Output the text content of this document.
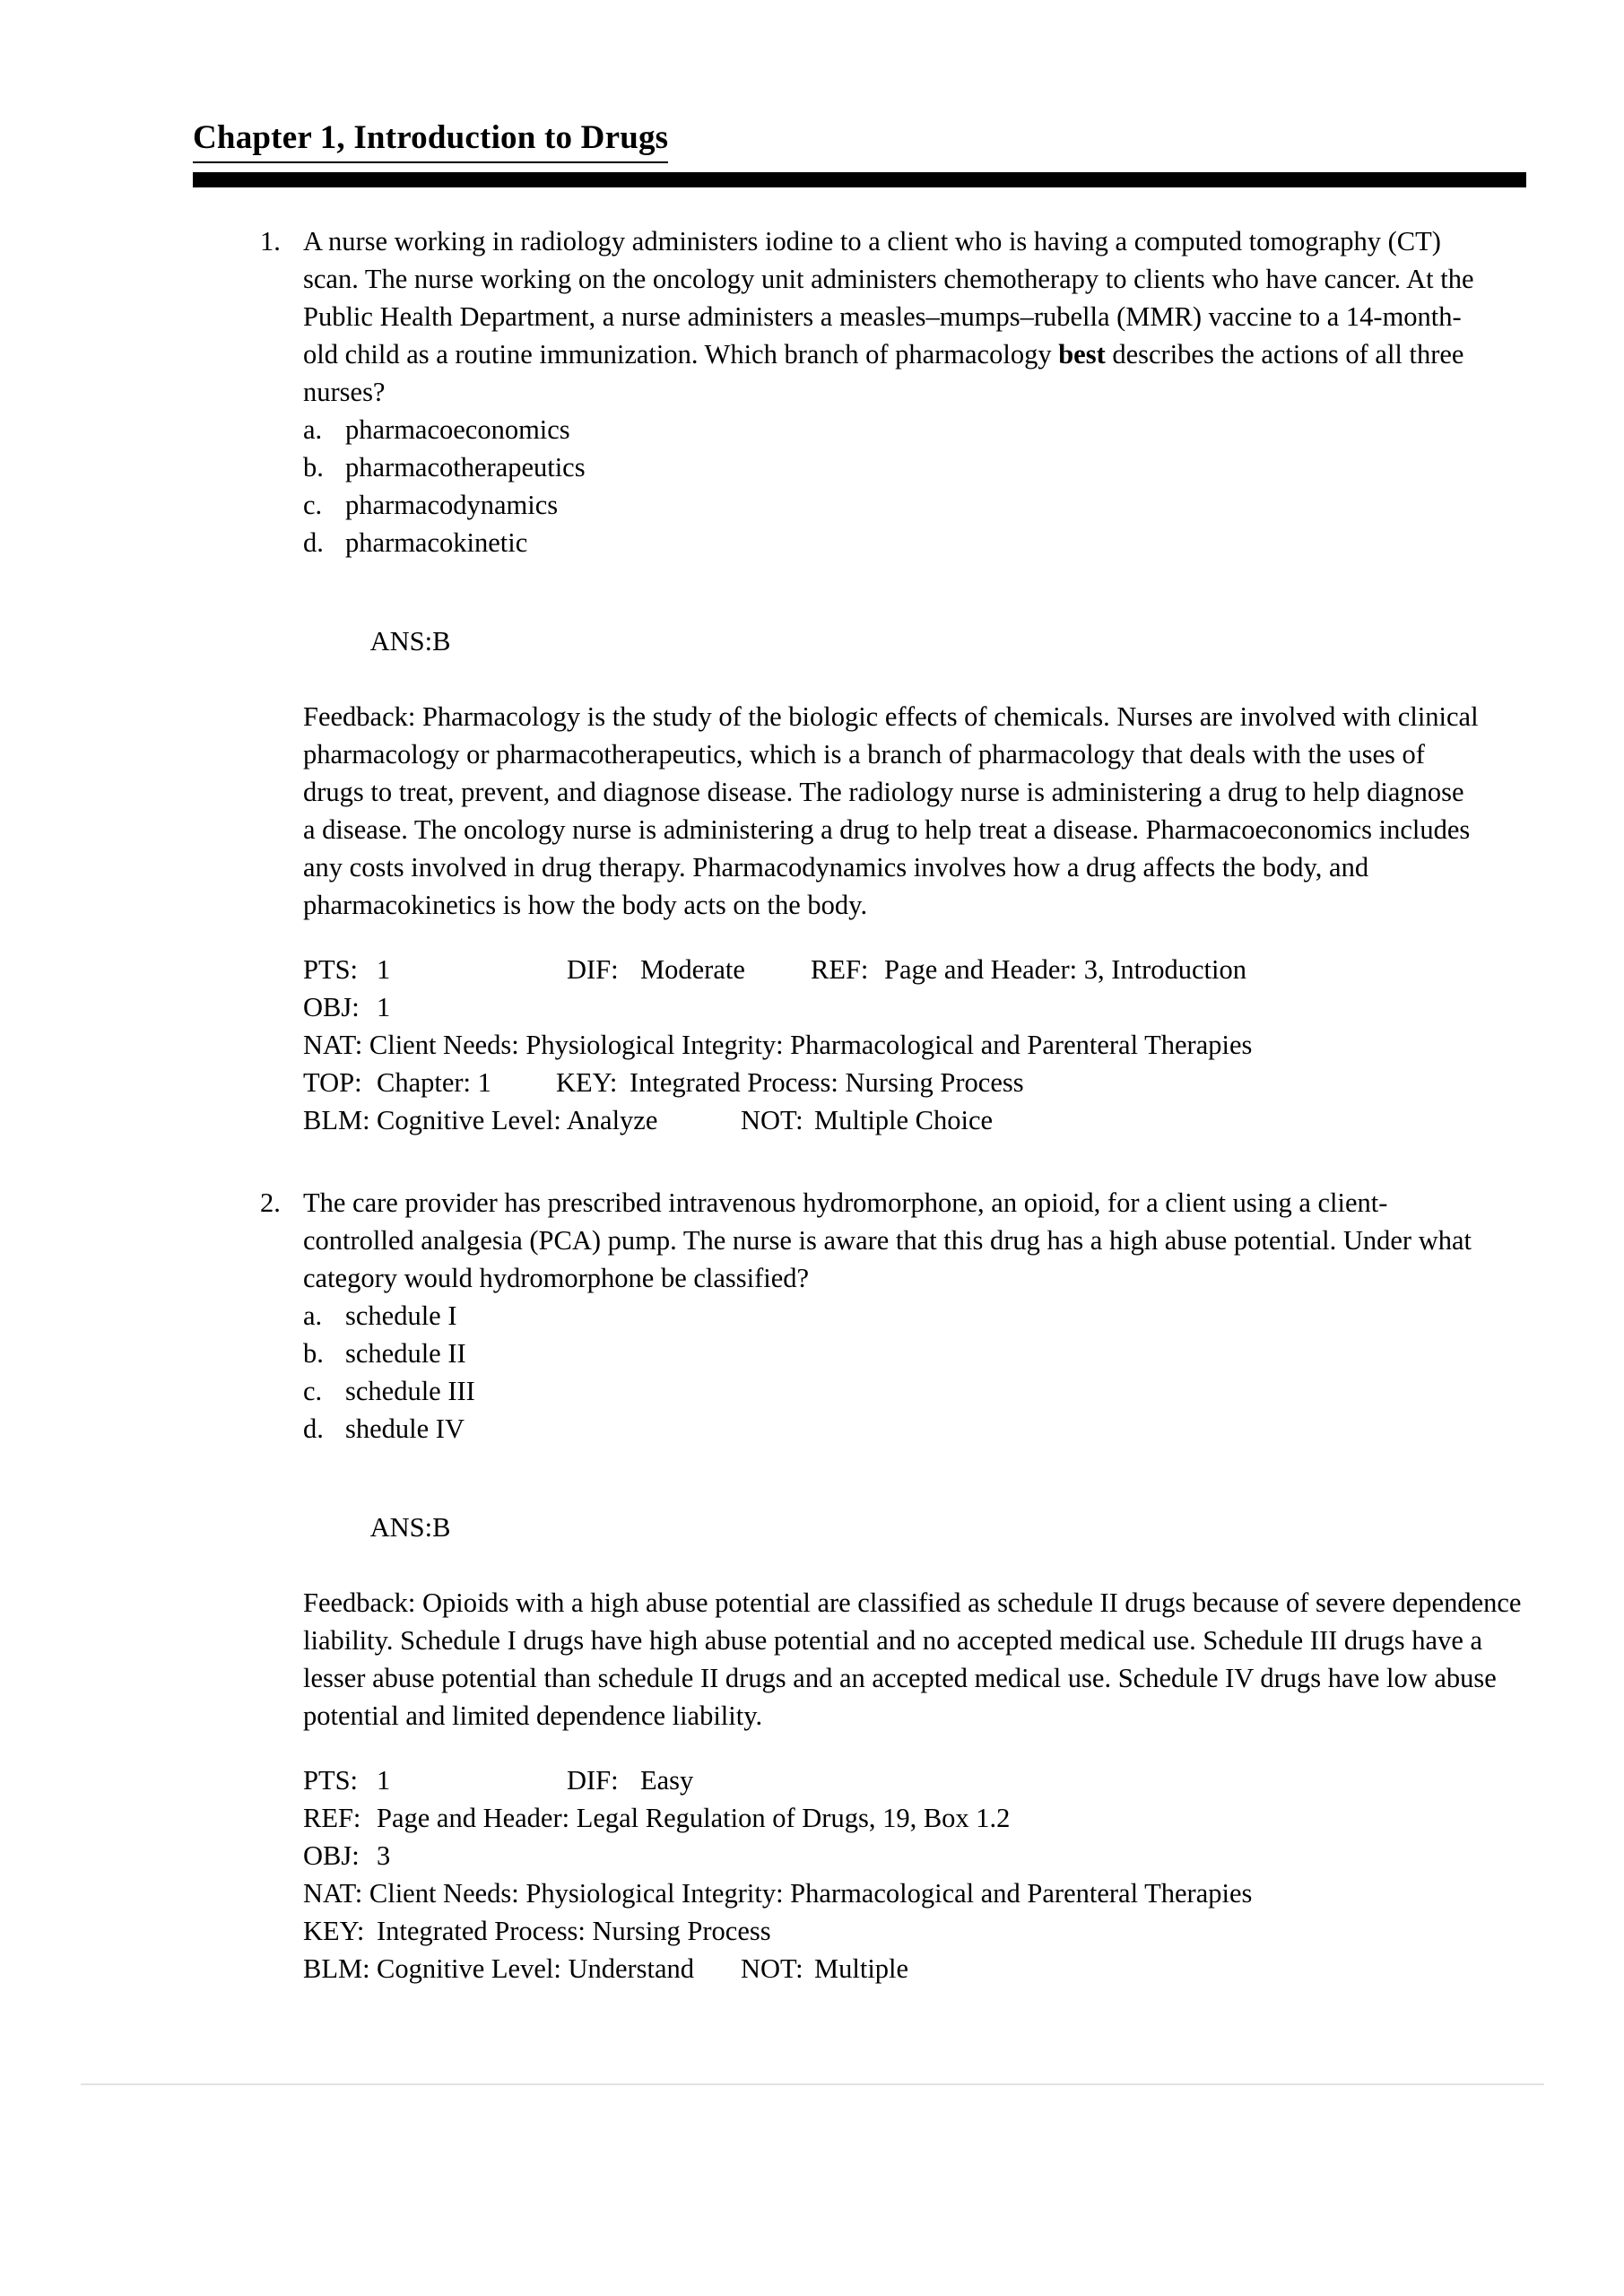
Chapter 1, Introduction to Drugs
1. A nurse working in radiology administers iodine to a client who is having a computed tomography (CT) scan. The nurse working on the oncology unit administers chemotherapy to clients who have cancer. At the Public Health Department, a nurse administers a measles–mumps–rubella (MMR) vaccine to a 14-month-old child as a routine immunization. Which branch of pharmacology best describes the actions of all three nurses?
a. pharmacoeconomics
b. pharmacotherapeutics
c. pharmacodynamics
d. pharmacokinetic

ANS:  B

Feedback: Pharmacology is the study of the biologic effects of chemicals. Nurses are involved with clinical pharmacology or pharmacotherapeutics, which is a branch of pharmacology that deals with the uses of drugs to treat, prevent, and diagnose disease. The radiology nurse is administering a drug to help diagnose a disease. The oncology nurse is administering a drug to help treat a disease. Pharmacoeconomics includes any costs involved in drug therapy. Pharmacodynamics involves how a drug affects the body, and pharmacokinetics is how the body acts on the body.
PTS: 1	DIF: Moderate REF: Page and Header: 3, Introduction
OBJ: 1
NAT: Client Needs: Physiological Integrity: Pharmacological and Parenteral Therapies
TOP: Chapter: 1 KEY: Integrated Process: Nursing Process
BLM: Cognitive Level: Analyze	NOT: Multiple Choice
2. The care provider has prescribed intravenous hydromorphone, an opioid, for a client using a client-controlled analgesia (PCA) pump. The nurse is aware that this drug has a high abuse potential. Under what category would hydromorphone be classified?
a. schedule I
b. schedule II
c. schedule III
d. shedule IV

ANS:  B

Feedback: Opioids with a high abuse potential are classified as schedule II drugs because of severe dependence liability. Schedule I drugs have high abuse potential and no accepted medical use. Schedule III drugs have a lesser abuse potential than schedule II drugs and an accepted medical use. Schedule IV drugs have low abuse potential and limited dependence liability.
PTS: 1	DIF: Easy
REF: Page and Header: Legal Regulation of Drugs, 19, Box 1.2
OBJ: 3
NAT: Client Needs: Physiological Integrity: Pharmacological and Parenteral Therapies
KEY: Integrated Process: Nursing Process
BLM: Cognitive Level: Understand NOT: Multiple
